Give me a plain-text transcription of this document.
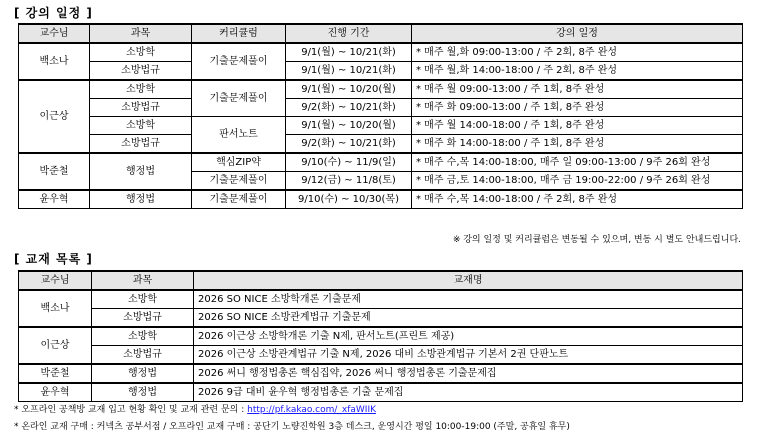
[ 강의 일정 ]
교수님	과목	커리큘럼	진행 기간	강의 일정
백소나	소방학	기출문제풀이	9/1(월) ~ 10/21(화)	* 매주 월,화 09:00-13:00 / 주 2회, 8주 완성
	소방법규		9/1(월) ~ 10/21(화)	* 매주 월,화 14:00-18:00 / 주 2회, 8주 완성
이근상	소방학	기출문제풀이	9/1(월) ~ 10/20(월)	* 매주 월 09:00-13:00 / 주 1회, 8주 완성
	소방법규		9/2(화) ~ 10/21(화)	* 매주 화 09:00-13:00 / 주 1회, 8주 완성
	소방학	판서노트	9/1(월) ~ 10/20(월)	* 매주 월 14:00-18:00 / 주 1회, 8주 완성
	소방법규		9/2(화) ~ 10/21(화)	* 매주 화 14:00-18:00 / 주 1회, 8주 완성
박준철	행정법	핵심ZIP약	9/10(수) ~ 11/9(일)	* 매주 수,목 14:00-18:00, 매주 일 09:00-13:00 / 9주 26회 완성
		기출문제풀이	9/12(금) ~ 11/8(토)	* 매주 금,토 14:00-18:00, 매주 금 19:00-22:00 / 9주 26회 완성
윤우혁	행정법	기출문제풀이	9/10(수) ~ 10/30(목)	* 매주 수,목 14:00-18:00 / 주 2회, 8주 완성
※ 강의 일정 및 커리큘럼은 변동될 수 있으며, 변동 시 별도 안내드립니다.
[ 교재 목록 ]
교수님	과목	교재명
백소나	소방학	2026 SO NICE 소방학개론 기출문제
	소방법규	2026 SO NICE 소방관계법규 기출문제
이근상	소방학	2026 이근상 소방학개론 기출 N제, 판서노트(프린트 제공)
	소방법규	2026 이근상 소방관계법규 기출 N제, 2026 대비 소방관계법규 기본서 2권 단판노트
박준철	행정법	2026 써니 행정법총론 핵심집약, 2026 써니 행정법총론 기출문제집
윤우혁	행정법	2026 9급 대비 윤우혁 행정법총론 기출 문제집
* 오프라인 공책방 교재 입고 현황 확인 및 교재 관련 문의 : http://pf.kakao.com/_xfaWIIK
* 온라인 교재 구매 : 커넥츠 공부서점 / 오프라인 교재 구매 : 공단기 노량진학원 3층 데스크, 운영시간 평일 10:00-19:00 (주말, 공휴일 휴무)
